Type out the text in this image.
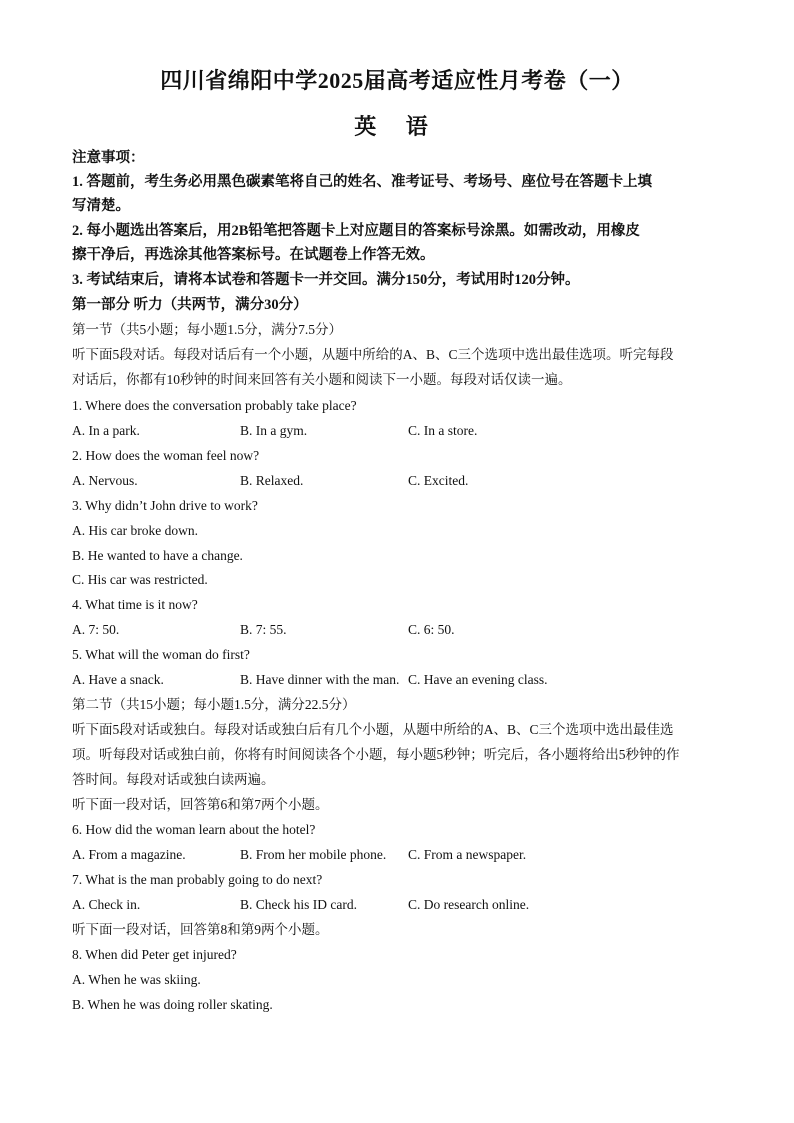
四川省绵阳中学2025届高考适应性月考卷（一）
英 语
注意事项：
1. 答题前，考生务必用黑色碳素笔将自己的姓名、准考证号、考场号、座位号在答题卡上填
写清楚。
2. 每小题选出答案后，用2B铅笔把答题卡上对应题目的答案标号涂黑。如需改动，用橡皮
擦干净后，再选涂其他答案标号。在试题卷上作答无效。
3. 考试结束后，请将本试卷和答题卡一并交回。满分150分，考试用时120分钟。
第一部分 听力（共两节，满分30分）
第一节（共5小题；每小题1.5分，满分7.5分）
听下面5段对话。每段对话后有一个小题，从题中所给的A、B、C三个选项中选出最佳选项。听完每段
对话后，你都有10秒钟的时间来回答有关小题和阅读下一小题。每段对话仅读一遍。
1. Where does the conversation probably take place?
A. In a park.	B. In a gym.	C. In a store.
2. How does the woman feel now?
A. Nervous.	B. Relaxed.	C. Excited.
3. Why didn’t John drive to work?
A. His car broke down.
B. He wanted to have a change.
C. His car was restricted.
4. What time is it now?
A. 7: 50.	B. 7: 55.	C. 6: 50.
5. What will the woman do first?
A. Have a snack.	B. Have dinner with the man. C. Have an evening class.
第二节（共15小题；每小题1.5分，满分22.5分）
听下面5段对话或独白。每段对话或独白后有几个小题，从题中所给的A、B、C三个选项中选出最佳选
项。听每段对话或独白前，你将有时间阅读各个小题，每小题5秒钟；听完后，各小题将给出5秒钟的作
答时间。每段对话或独白读两遍。
听下面一段对话，回答第6和第7两个小题。
6. How did the woman learn about the hotel?
A. From a magazine.	B. From her mobile phone. C. From a newspaper.
7. What is the man probably going to do next?
A. Check in.	B. Check his ID card.	C. Do research online.
听下面一段对话，回答第8和第9两个小题。
8. When did Peter get injured?
A. When he was skiing.
B. When he was doing roller skating.
